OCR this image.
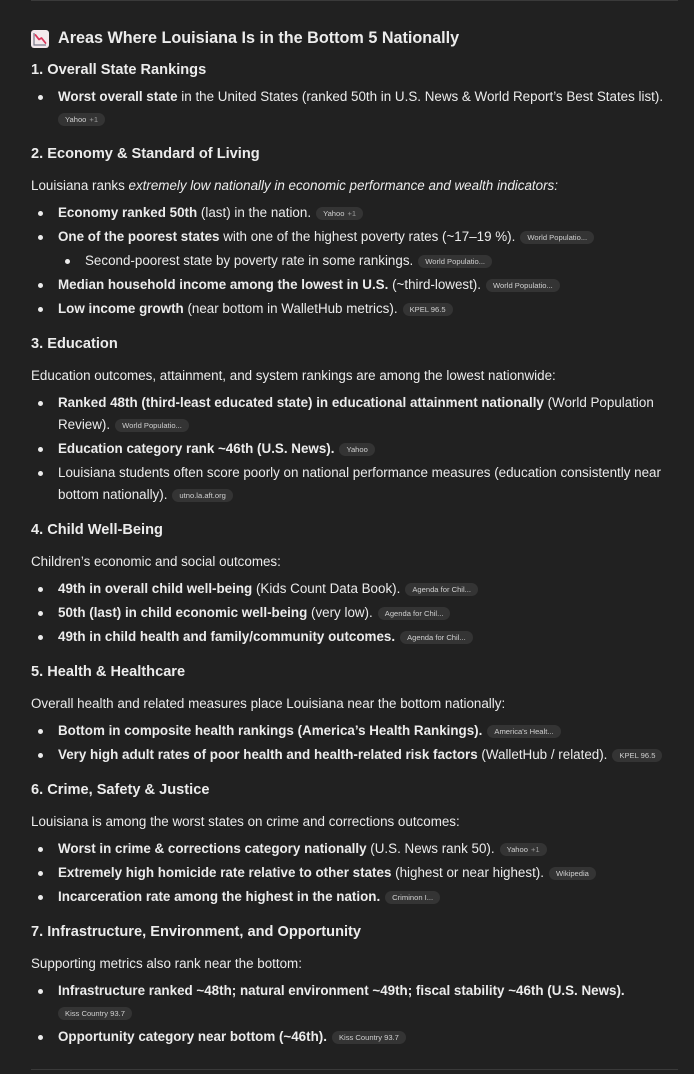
Areas Where Louisiana Is in the Bottom 5 Nationally
1. Overall State Rankings
Worst overall state in the United States (ranked 50th in U.S. News & World Report’s Best States list).
Yahoo +1
2. Economy & Standard of Living

Louisiana ranks extremely low nationally in economic performance and wealth indicators:

Economy ranked 50th (last) in the nation. Yahoo +1
One of the poorest states with one of the highest poverty rates (~17–19 %). World Populatio...
Second-poorest state by poverty rate in some rankings. World Populatio...
Median household income among the lowest in U.S. (~third-lowest). World Populatio...
Low income growth (near bottom in WalletHub metrics). KPEL 96.5
3. Education

Education outcomes, attainment, and system rankings are among the lowest nationwide:

Ranked 48th (third-least educated state) in educational attainment nationally (World Population Review). World Populatio...
Education category rank ~46th (U.S. News). Yahoo
Louisiana students often score poorly on national performance measures (education consistently near bottom nationally). utno.la.aft.org
4. Child Well-Being

Children’s economic and social outcomes:

49th in overall child well-being (Kids Count Data Book). Agenda for Chil...
50th (last) in child economic well-being (very low). Agenda for Chil...
49th in child health and family/community outcomes. Agenda for Chil...
5. Health & Healthcare

Overall health and related measures place Louisiana near the bottom nationally:

Bottom in composite health rankings (America’s Health Rankings). America's Healt...
Very high adult rates of poor health and health-related risk factors (WalletHub / related). KPEL 96.5
6. Crime, Safety & Justice

Louisiana is among the worst states on crime and corrections outcomes:

Worst in crime & corrections category nationally (U.S. News rank 50). Yahoo +1
Extremely high homicide rate relative to other states (highest or near highest). Wikipedia
Incarceration rate among the highest in the nation. Criminon I...
7. Infrastructure, Environment, and Opportunity

Supporting metrics also rank near the bottom:

Infrastructure ranked ~48th; natural environment ~49th; fiscal stability ~46th (U.S. News).
Kiss Country 93.7
Opportunity category near bottom (~46th). Kiss Country 93.7
